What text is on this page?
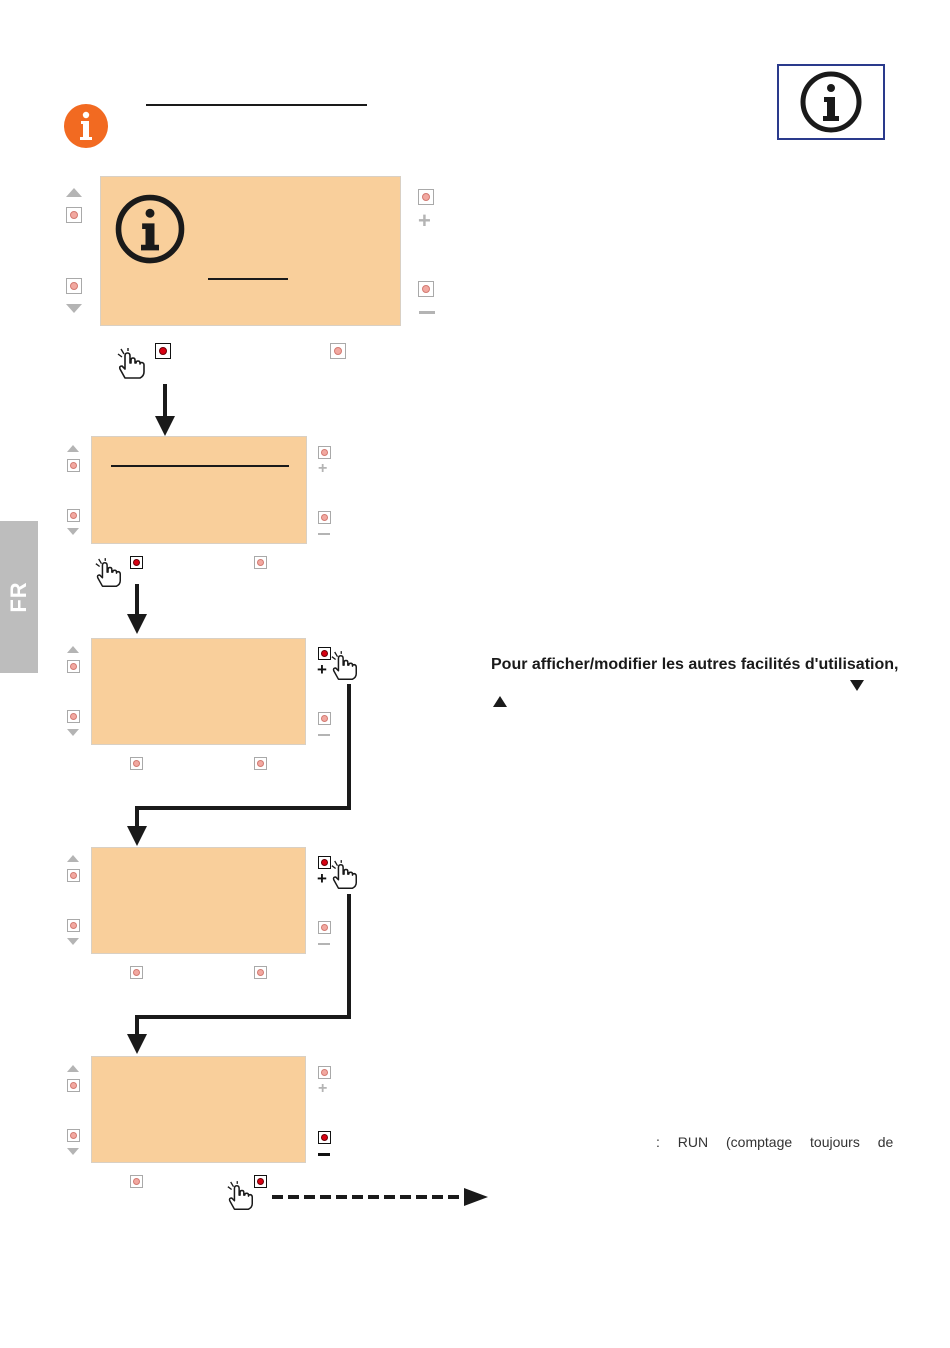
FR
+
+
+
+
+
Pour afficher/modifier les autres facilités d'utilisation,
: RUN (comptage toujours de
